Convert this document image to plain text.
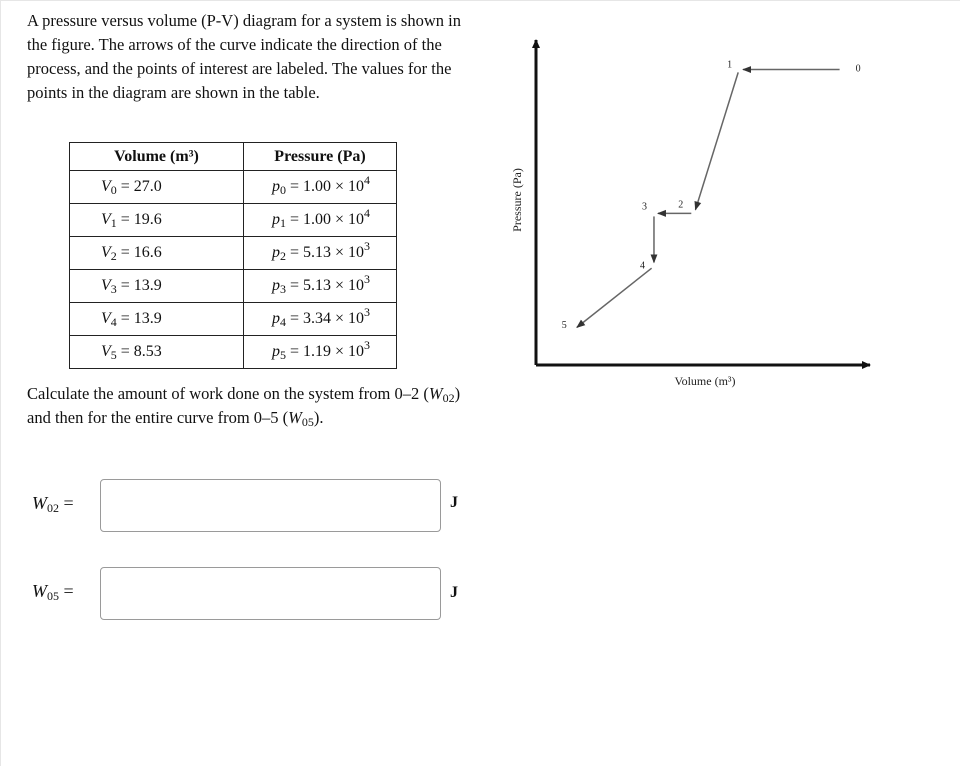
A pressure versus volume (P-V) diagram for a system is shown in the figure. The arrows of the curve indicate the direction of the process, and the points of interest are labeled. The values for the points in the diagram are shown in the table.

Volume (m³)	Pressure (Pa)
$V_0 = 27.0$	$p_0 = 1.00 \times 10^4$
$V_1 = 19.6$	$p_1 = 1.00 \times 10^4$
$V_2 = 16.6$	$p_2 = 5.13 \times 10^3$
$V_3 = 13.9$	$p_3 = 5.13 \times 10^3$
$V_4 = 13.9$	$p_4 = 3.34 \times 10^3$
$V_5 = 8.53$	$p_5 = 1.19 \times 10^3$

Calculate the amount of work done on the system from 0–2 $(W_{02})$ and then for the entire curve from 0–5 $(W_{05})$.

$W_{02}$ =	J
$W_{05}$ =	J
Pressure (Pa)
Volume (m³)
0
1
2
3
4
5
